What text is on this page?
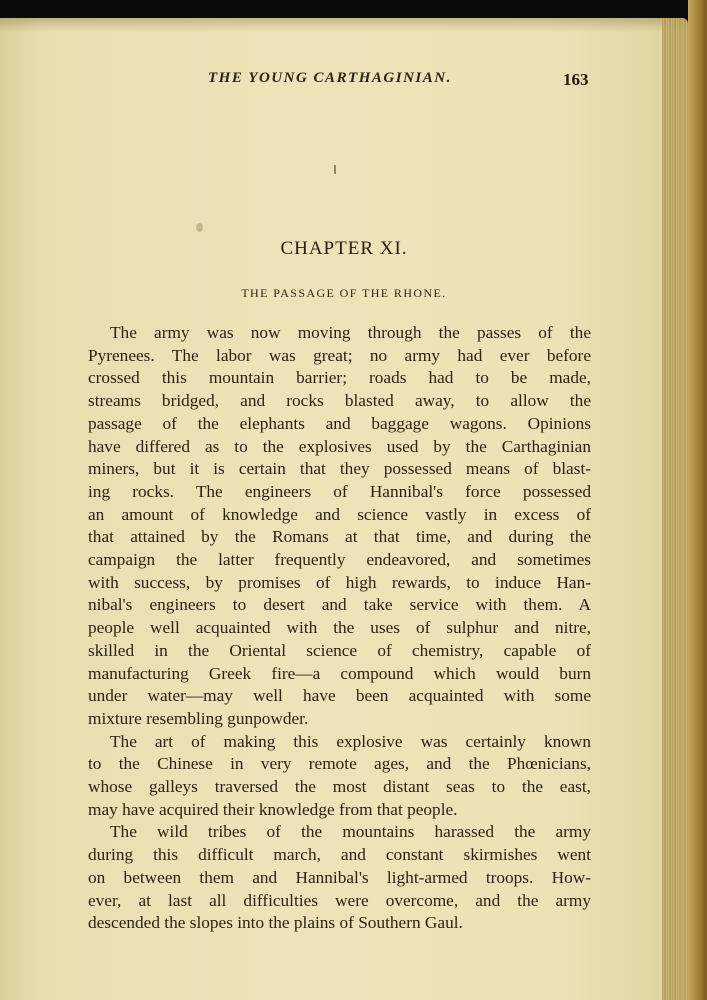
THE YOUNG CARTHAGINIAN.	163
CHAPTER XI.
THE PASSAGE OF THE RHONE.

The army was now moving through the passes of the
Pyrenees. The labor was great; no army had ever before
crossed this mountain barrier; roads had to be made,
streams bridged, and rocks blasted away, to allow the
passage of the elephants and baggage wagons. Opinions
have differed as to the explosives used by the Carthaginian
miners, but it is certain that they possessed means of blast-
ing rocks. The engineers of Hannibal's force possessed
an amount of knowledge and science vastly in excess of
that attained by the Romans at that time, and during the
campaign the latter frequently endeavored, and sometimes
with success, by promises of high rewards, to induce Han-
nibal's engineers to desert and take service with them. A
people well acquainted with the uses of sulphur and nitre,
skilled in the Oriental science of chemistry, capable of
manufacturing Greek fire—a compound which would burn
under water—may well have been acquainted with some
mixture resembling gunpowder.

The art of making this explosive was certainly known
to the Chinese in very remote ages, and the Phœnicians,
whose galleys traversed the most distant seas to the east,
may have acquired their knowledge from that people.

The wild tribes of the mountains harassed the army
during this difficult march, and constant skirmishes went
on between them and Hannibal's light-armed troops. How-
ever, at last all difficulties were overcome, and the army
descended the slopes into the plains of Southern Gaul.
